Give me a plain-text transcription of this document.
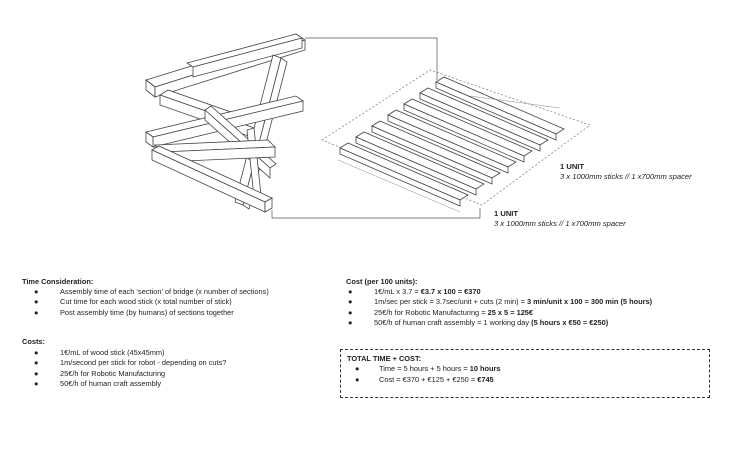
1 UNIT
3 x 1000mm sticks // 1 x700mm spacer
1 UNIT
3 x 1000mm sticks // 1 x700mm spacer
Time Consideration:
●	Assembly time of each ‘section’ of bridge (x number of sections)
●	Cut time for each wood stick (x total number of stick)
●	Post assembly time (by humans) of sections together
Costs:
●	1€/mL of wood stick (45x45mm)
●	1m/second per stick for robot - depending on cuts?
●	25€/h for Robotic Manufacturing
●	50€/h of human craft assembly
Cost (per 100 units):
●	1€/mL x 3.7 = €3.7 x 100 = €370
●	1m/sec per stick = 3.7sec/unit + cuts (2 min) = 3 min/unit x 100 = 300 min (5 hours)
●	25€/h for Robotic Manufacturing = 25 x 5 = 125€
●	50€/h of human craft assembly = 1 working day (5 hours x €50 = €250)
TOTAL TIME + COST:
●	Time = 5 hours + 5 hours = 10 hours
●	Cost = €370 + €125 + €250 = €745
